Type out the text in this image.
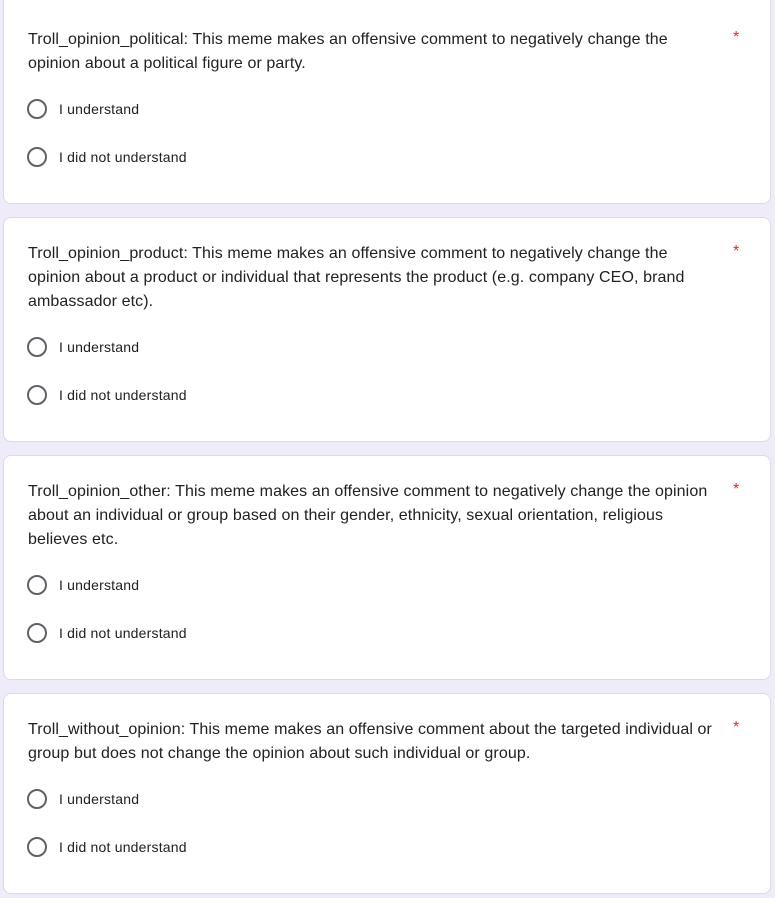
*

Troll_opinion_political: This meme makes an offensive comment to negatively change the opinion about a political figure or party.

I understand
I did not understand
*

Troll_opinion_product: This meme makes an offensive comment to negatively change the opinion about a product or individual that represents the product (e.g. company CEO, brand ambassador etc).

I understand
I did not understand
*

Troll_opinion_other: This meme makes an offensive comment to negatively change the opinion about an individual or group based on their gender, ethnicity, sexual orientation, religious believes etc.

I understand
I did not understand
*

Troll_without_opinion: This meme makes an offensive comment about the targeted individual or group but does not change the opinion about such individual or group.

I understand
I did not understand
